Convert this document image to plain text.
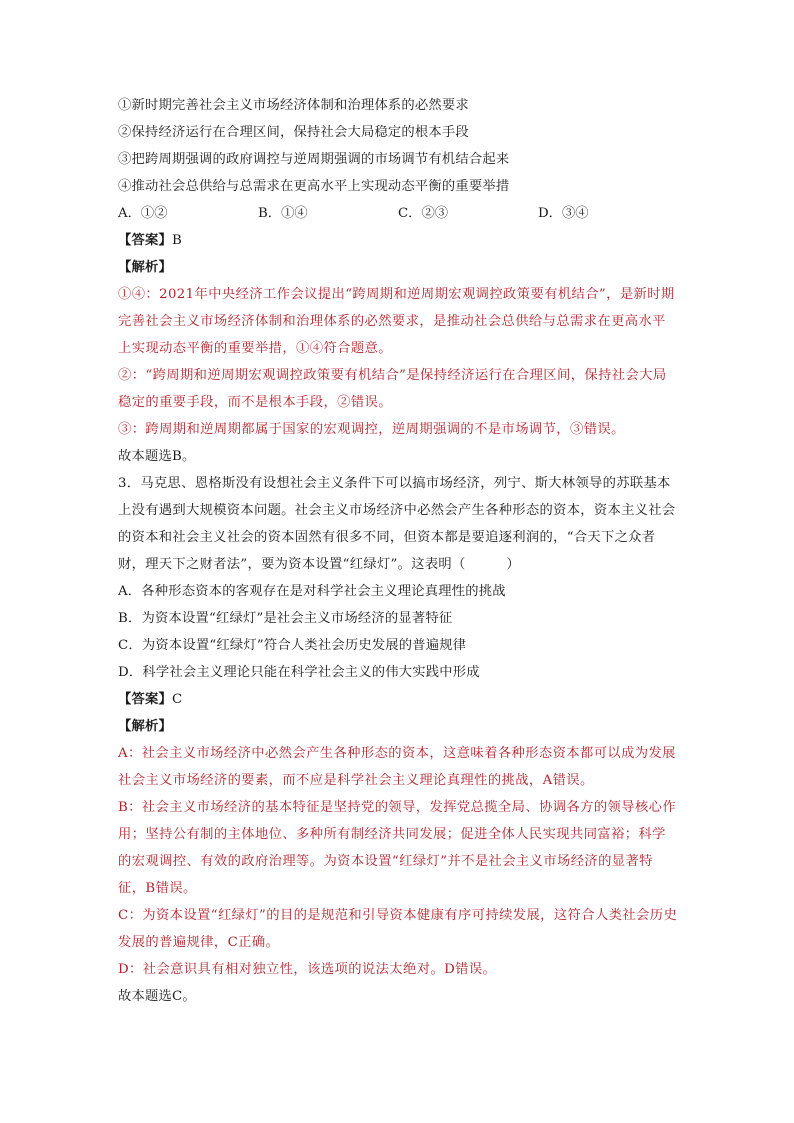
①新时期完善社会主义市场经济体制和治理体系的必然要求
②保持经济运行在合理区间，保持社会大局稳定的根本手段
③把跨周期强调的政府调控与逆周期强调的市场调节有机结合起来
④推动社会总供给与总需求在更高水平上实现动态平衡的重要举措
A．①②	B．①④	C．②③	D．③④
【答案】B
【解析】
①④：2021年中央经济工作会议提出“跨周期和逆周期宏观调控政策要有机结合”，是新时期完善社会主义市场经济体制和治理体系的必然要求，是推动社会总供给与总需求在更高水平上实现动态平衡的重要举措，①④符合题意。
②：“跨周期和逆周期宏观调控政策要有机结合”是保持经济运行在合理区间，保持社会大局稳定的重要手段，而不是根本手段，②错误。
③：跨周期和逆周期都属于国家的宏观调控，逆周期强调的不是市场调节，③错误。
故本题选B。
3．马克思、恩格斯没有设想社会主义条件下可以搞市场经济，列宁、斯大林领导的苏联基本上没有遇到大规模资本问题。社会主义市场经济中必然会产生各种形态的资本，资本主义社会的资本和社会主义社会的资本固然有很多不同，但资本都是要追逐利润的，“合天下之众者财，理天下之财者法”，要为资本设置“红绿灯”。这表明（　　　）
A．各种形态资本的客观存在是对科学社会主义理论真理性的挑战
B．为资本设置“红绿灯”是社会主义市场经济的显著特征
C．为资本设置“红绿灯”符合人类社会历史发展的普遍规律
D．科学社会主义理论只能在科学社会主义的伟大实践中形成
【答案】C
【解析】
A：社会主义市场经济中必然会产生各种形态的资本，这意味着各种形态资本都可以成为发展社会主义市场经济的要素，而不应是科学社会主义理论真理性的挑战，A错误。
B：社会主义市场经济的基本特征是坚持党的领导，发挥党总揽全局、协调各方的领导核心作用；坚持公有制的主体地位、多种所有制经济共同发展；促进全体人民实现共同富裕；科学的宏观调控、有效的政府治理等。为资本设置“红绿灯”并不是社会主义市场经济的显著特征，B错误。
C：为资本设置“红绿灯”的目的是规范和引导资本健康有序可持续发展，这符合人类社会历史发展的普遍规律，C正确。
D：社会意识具有相对独立性，该选项的说法太绝对。D错误。
故本题选C。
